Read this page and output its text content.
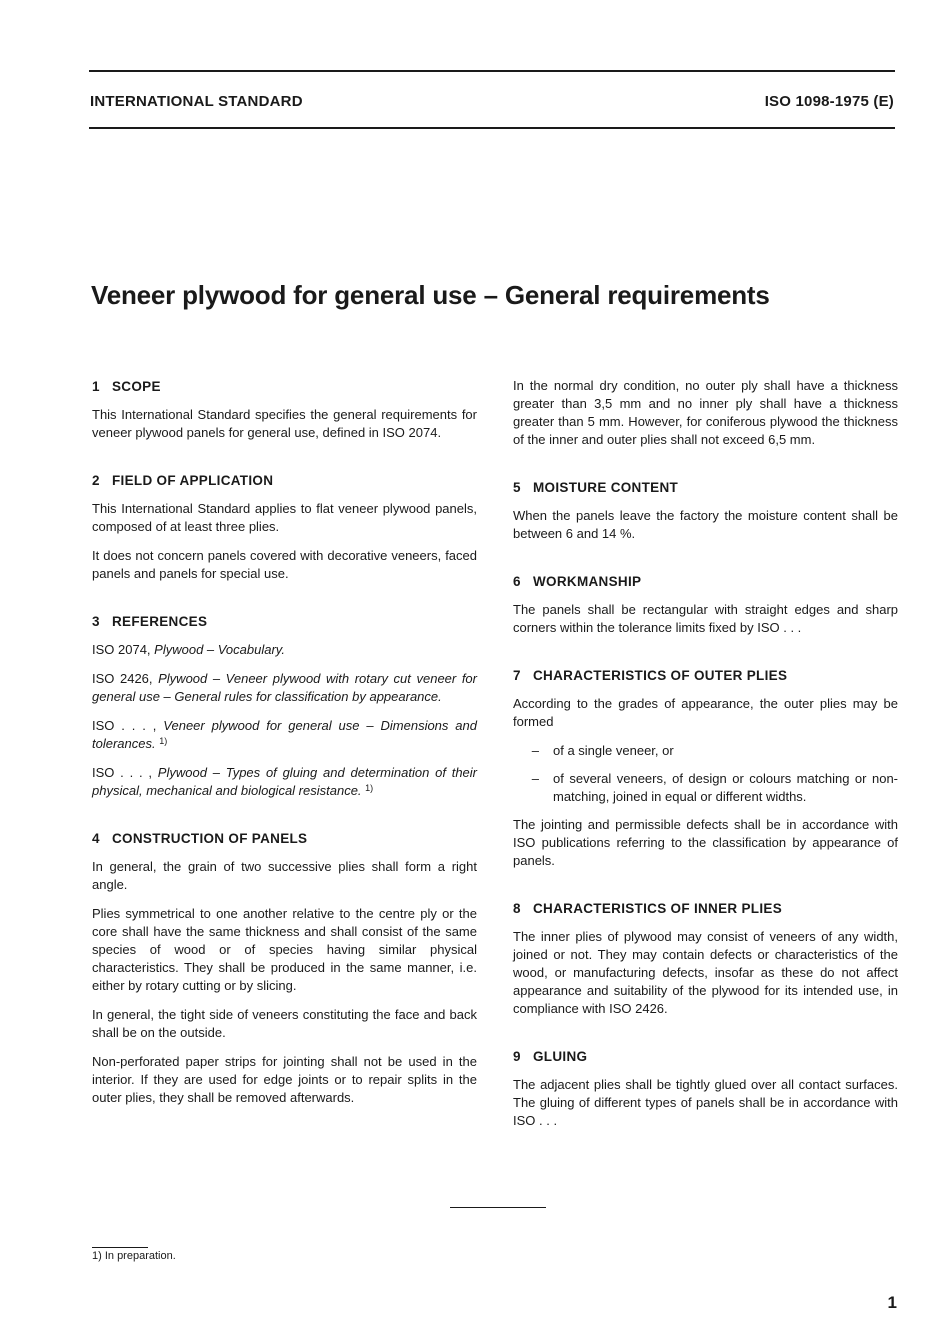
INTERNATIONAL STANDARD	ISO 1098-1975 (E)
Veneer plywood for general use – General requirements
1 SCOPE

This International Standard specifies the general requirements for veneer plywood panels for general use, defined in ISO 2074.

2 FIELD OF APPLICATION

This International Standard applies to flat veneer plywood panels, composed of at least three plies.

It does not concern panels covered with decorative veneers, faced panels and panels for special use.

3 REFERENCES

ISO 2074, Plywood – Vocabulary.

ISO 2426, Plywood – Veneer plywood with rotary cut veneer for general use – General rules for classification by appearance.

ISO . . . , Veneer plywood for general use – Dimensions and tolerances. $^{1)}$

ISO . . . , Plywood – Types of gluing and determination of their physical, mechanical and biological resistance. $^{1)}$

4 CONSTRUCTION OF PANELS

In general, the grain of two successive plies shall form a right angle.

Plies symmetrical to one another relative to the centre ply or the core shall have the same thickness and shall consist of the same species of wood or of species having similar physical characteristics. They shall be produced in the same manner, i.e. either by rotary cutting or by slicing.

In general, the tight side of veneers constituting the face and back shall be on the outside.

Non-perforated paper strips for jointing shall not be used in the interior. If they are used for edge joints or to repair splits in the outer plies, they shall be removed afterwards.

In the normal dry condition, no outer ply shall have a thickness greater than 3,5 mm and no inner ply shall have a thickness greater than 5 mm. However, for coniferous plywood the thickness of the inner and outer plies shall not exceed 6,5 mm.

5 MOISTURE CONTENT

When the panels leave the factory the moisture content shall be between 6 and 14 %.

6 WORKMANSHIP

The panels shall be rectangular with straight edges and sharp corners within the tolerance limits fixed by ISO . . .

7 CHARACTERISTICS OF OUTER PLIES

According to the grades of appearance, the outer plies may be formed

–	of a single veneer, or
–	of several veneers, of design or colours matching or non-matching, joined in equal or different widths.

The jointing and permissible defects shall be in accordance with ISO publications referring to the classification by appearance of panels.

8 CHARACTERISTICS OF INNER PLIES

The inner plies of plywood may consist of veneers of any width, joined or not. They may contain defects or characteristics of the wood, or manufacturing defects, insofar as these do not affect appearance and suitability of the plywood for its intended use, in compliance with ISO 2426.

9 GLUING

The adjacent plies shall be tightly glued over all contact surfaces. The gluing of different types of panels shall be in accordance with ISO . . .

1) In preparation.
1
